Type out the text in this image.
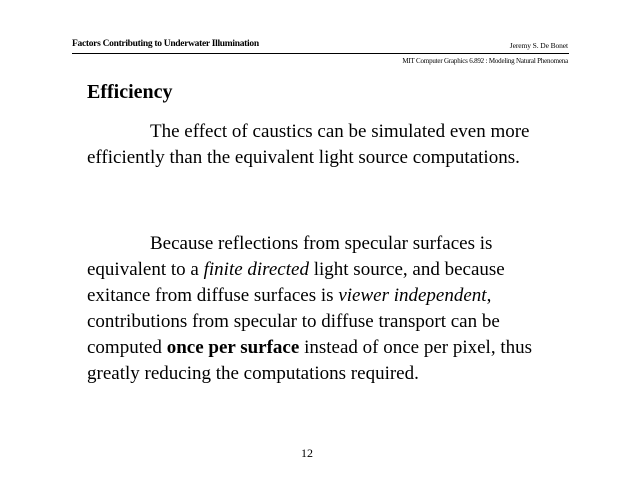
Factors Contributing to Underwater Illumination	Jeremy S. De Bonet
MIT Computer Graphics 6.892 : Modeling Natural Phenomena
Efficiency

The effect of caustics can be simulated even more efficiently than the equivalent light source computations.

Because reflections from specular surfaces is equivalent to a finite directed light source, and because exitance from diffuse surfaces is viewer independent, contributions from specular to diffuse transport can be computed once per surface instead of once per pixel, thus greatly reducing the computations required.

12
